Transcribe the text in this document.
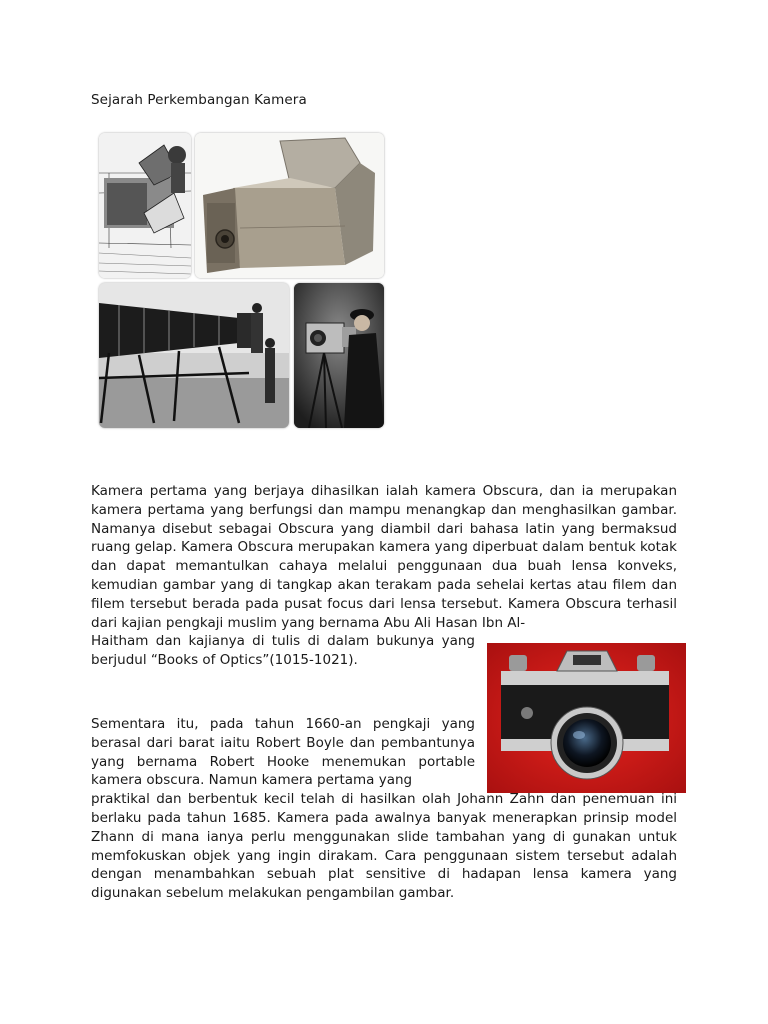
Sejarah Perkembangan Kamera

Kamera pertama yang berjaya dihasilkan ialah kamera Obscura, dan ia merupakan kamera pertama yang berfungsi dan mampu menangkap dan menghasilkan gambar. Namanya disebut sebagai Obscura yang diambil dari bahasa latin yang bermaksud ruang gelap. Kamera Obscura merupakan kamera yang diperbuat dalam bentuk kotak dan dapat memantulkan cahaya melalui penggunaan dua buah lensa konveks, kemudian gambar yang di tangkap akan terakam pada sehelai kertas atau filem dan filem tersebut berada pada pusat focus dari lensa tersebut. Kamera Obscura terhasil dari kajian pengkaji muslim yang bernama Abu Ali Hasan Ibn Al-
Haitham dan kajianya di tulis di dalam bukunya yang berjudul “Books of Optics”(1015-1021).

Sementara itu, pada tahun 1660-an pengkaji yang berasal dari barat iaitu Robert Boyle dan pembantunya yang bernama Robert Hooke menemukan portable kamera obscura. Namun kamera pertama yang
praktikal dan berbentuk kecil telah di hasilkan olah Johann Zahn dan penemuan ini berlaku pada tahun 1685. Kamera pada awalnya banyak menerapkan prinsip model Zhann di mana ianya perlu menggunakan slide tambahan yang di gunakan untuk memfokuskan objek yang ingin dirakam. Cara penggunaan sistem tersebut adalah dengan menambahkan sebuah plat sensitive di hadapan lensa kamera yang digunakan sebelum melakukan pengambilan gambar.
